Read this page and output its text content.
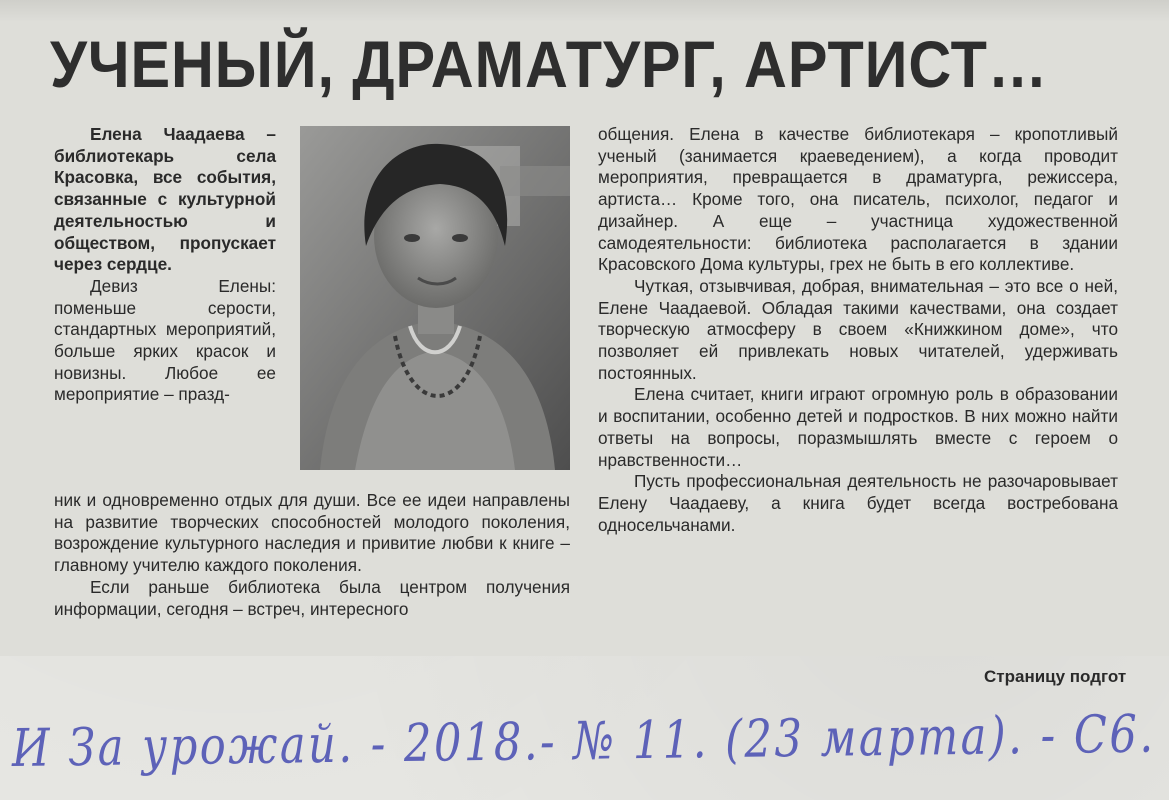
УЧЕНЫЙ, ДРАМАТУРГ, АРТИСТ…

Елена Чаадаева – библиотекарь села Красовка, все события, связанные с культурной деятельностью и обществом, пропускает через сердце.

Девиз Елены: поменьше серости, стандартных мероприятий, больше ярких красок и новизны. Любое ее мероприятие – празд-

ник и одновременно отдых для души. Все ее идеи направлены на развитие творческих способностей молодого поколения, возрождение культурного наследия и привитие любви к книге – главному учителю каждого поколения.

Если раньше библиотека была центром получения информации, сегодня – встреч, интересного

общения. Елена в качестве библиотекаря – кропотливый ученый (занимается краеведением), а когда проводит мероприятия, превращается в драматурга, режиссера, артиста… Кроме того, она писатель, психолог, педагог и дизайнер. А еще – участница художественной самодеятельности: библиотека располагается в здании Красовского Дома культуры, грех не быть в его коллективе.

Чуткая, отзывчивая, добрая, внимательная – это все о ней, Елене Чаадаевой. Обладая такими качествами, она создает творческую атмосферу в своем «Книжкином доме», что позволяет ей привлекать новых читателей, удерживать постоянных.

Елена считает, книги играют огромную роль в образовании и воспитании, особенно детей и подростков. В них можно найти ответы на вопросы, поразмышлять вместе с героем о нравственности…

Пусть профессиональная деятельность не разочаровывает Елену Чаадаеву, а книга будет всегда востребована односельчанами.

Страницу подгот
И За урожай. - 2018.- № 11. (23 марта). - С6.
